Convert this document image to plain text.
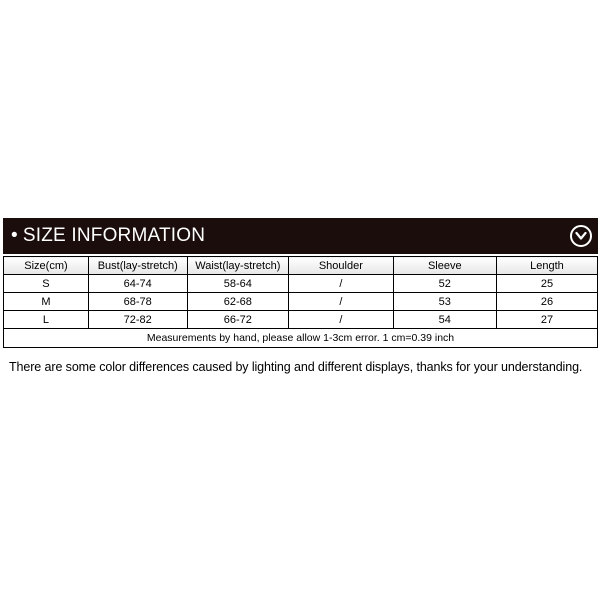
• SIZE INFORMATION
Size(cm)	Bust(lay-stretch)	Waist(lay-stretch)	Shoulder	Sleeve	Length
S	64-74	58-64	/	52	25
M	68-78	62-68	/	53	26
L	72-82	66-72	/	54	27
Measurements by hand, please allow 1-3cm error. 1 cm=0.39 inch					
There are some color differences caused by lighting and different displays, thanks for your understanding.
